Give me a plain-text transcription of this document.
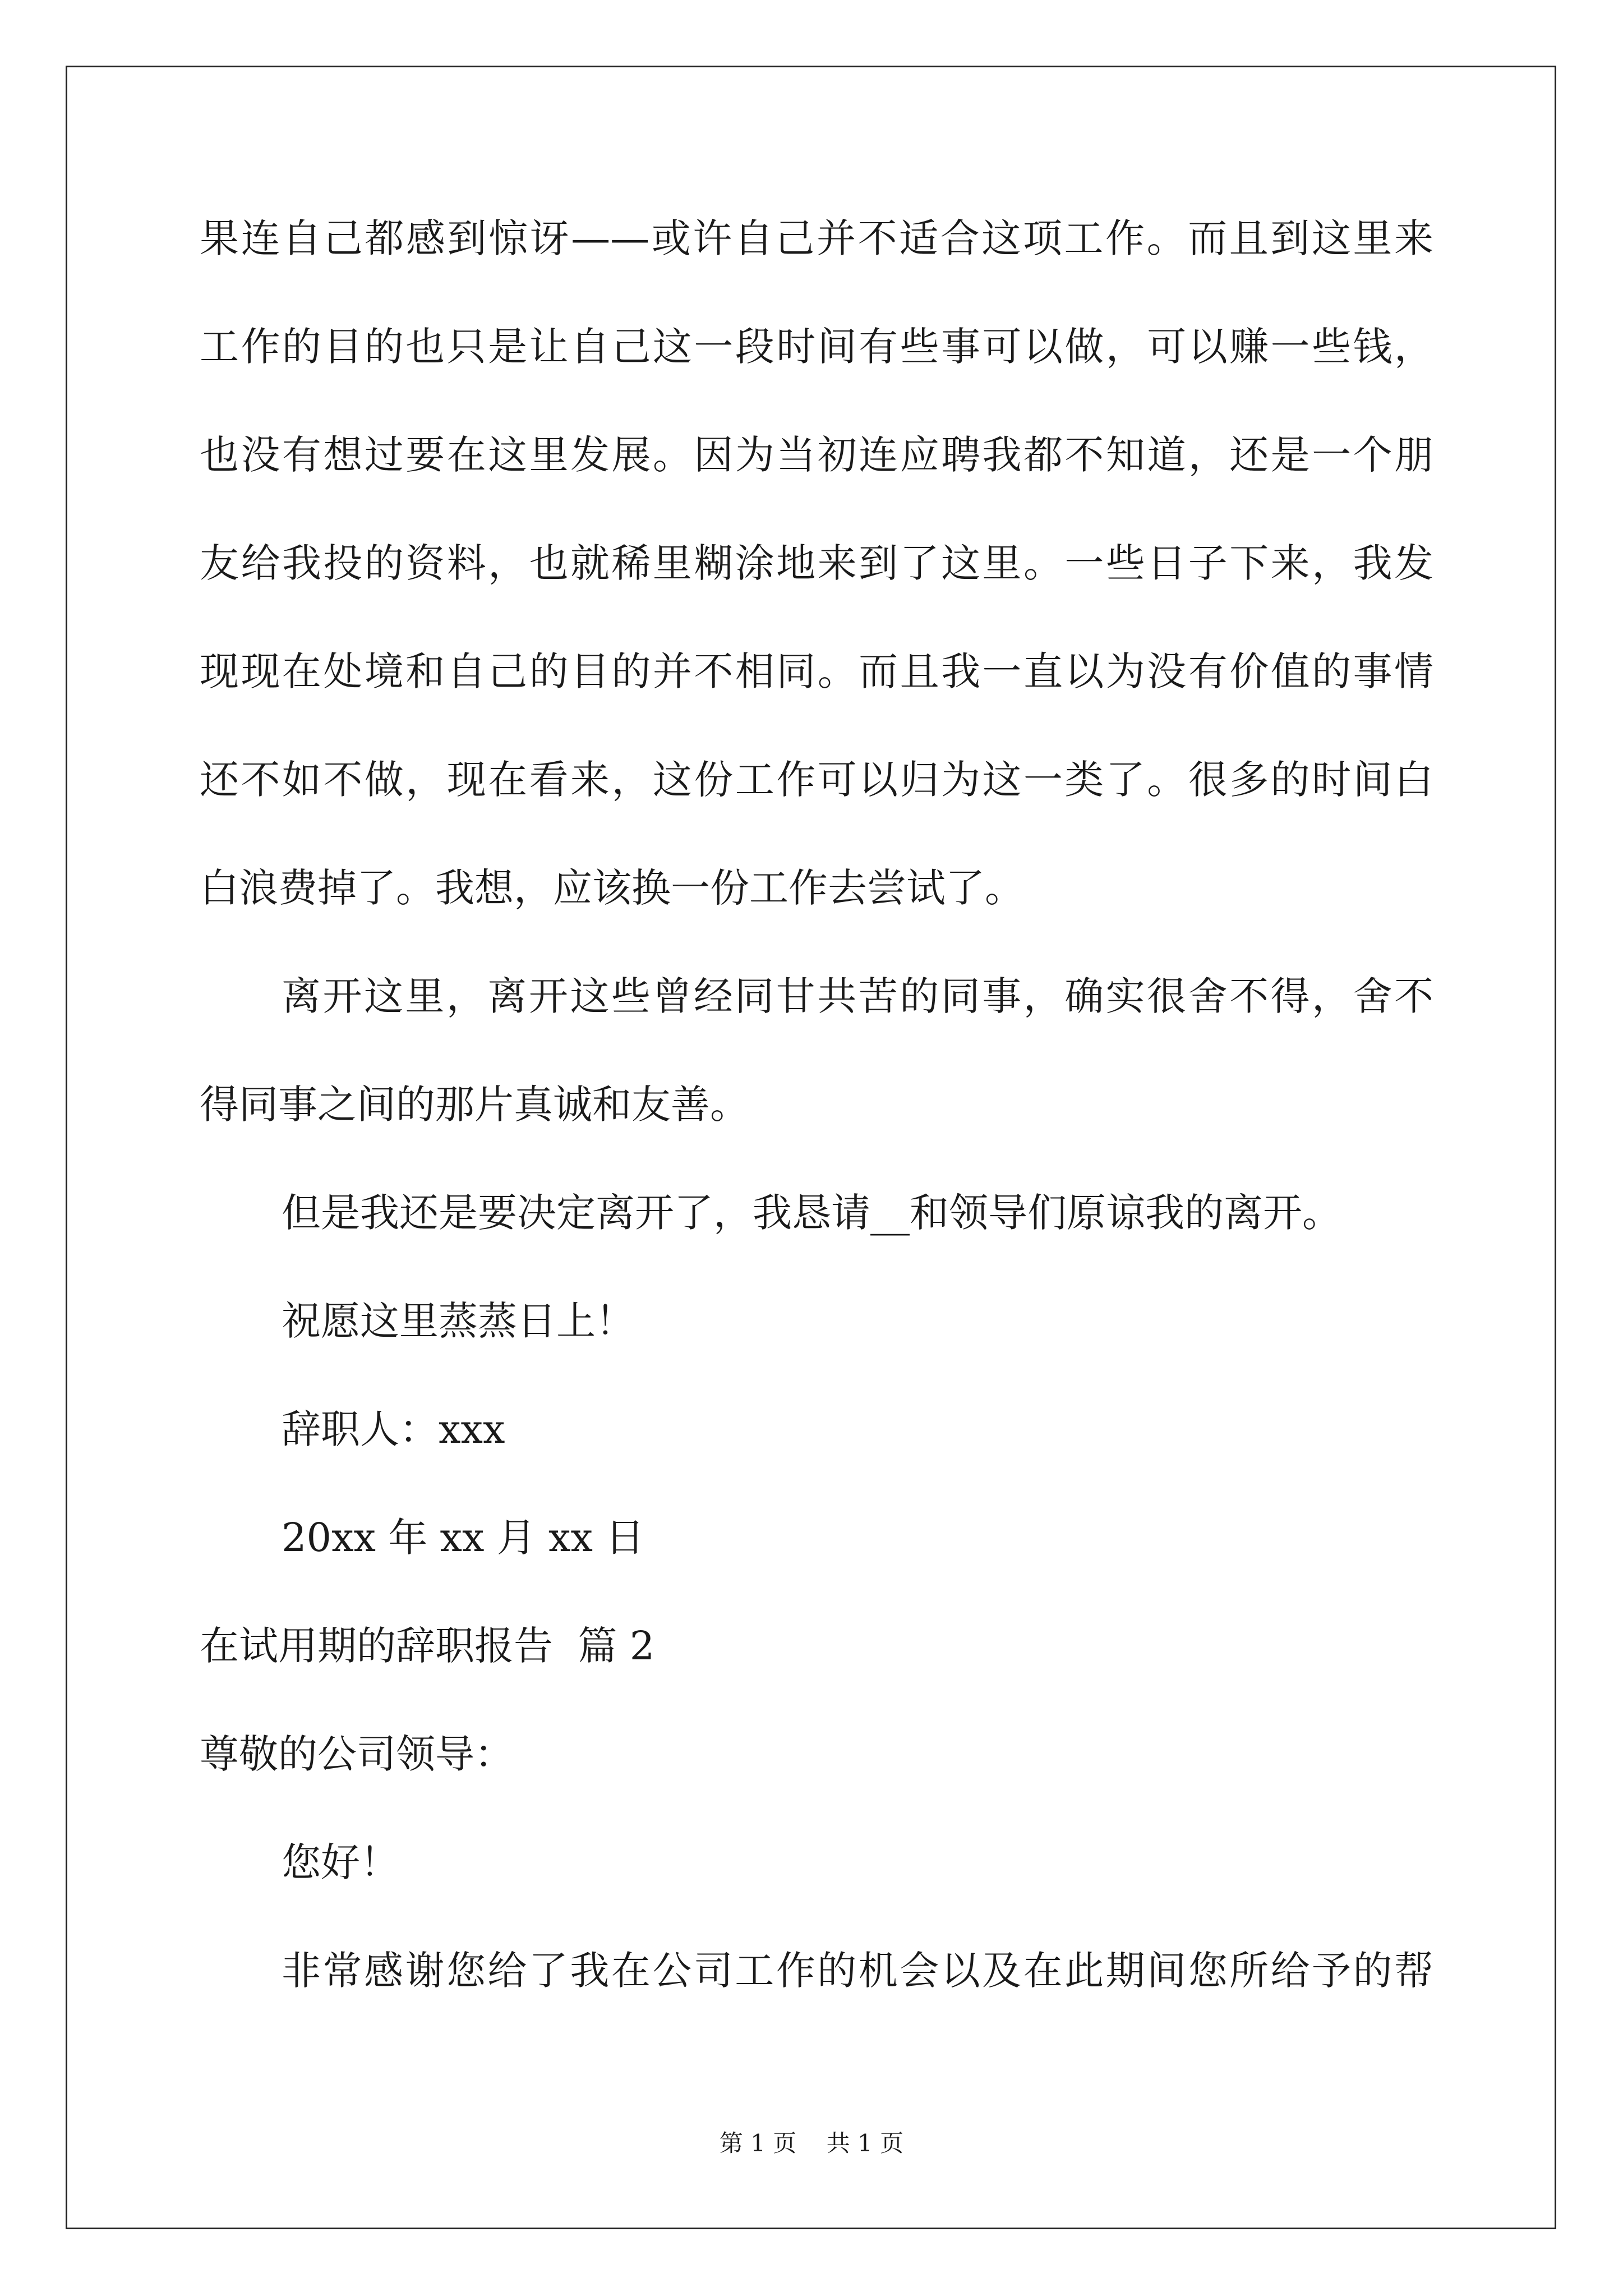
果连自己都感到惊讶——或许自己并不适合这项工作。而且到这里来

工作的目的也只是让自己这一段时间有些事可以做，可以赚一些钱，

也没有想过要在这里发展。因为当初连应聘我都不知道，还是一个朋

友给我投的资料，也就稀里糊涂地来到了这里。一些日子下来，我发

现现在处境和自己的目的并不相同。而且我一直以为没有价值的事情

还不如不做，现在看来，这份工作可以归为这一类了。很多的时间白

白浪费掉了。我想，应该换一份工作去尝试了。

离开这里，离开这些曾经同甘共苦的同事，确实很舍不得，舍不

得同事之间的那片真诚和友善。

但是我还是要决定离开了，我恳请__和领导们原谅我的离开。

祝愿这里蒸蒸日上！

辞职人：xxx

20xx 年 xx 月 xx 日

在试用期的辞职报告  篇 2

尊敬的公司领导：

您好！

非常感谢您给了我在公司工作的机会以及在此期间您所给予的帮

第 1 页    共 1 页
